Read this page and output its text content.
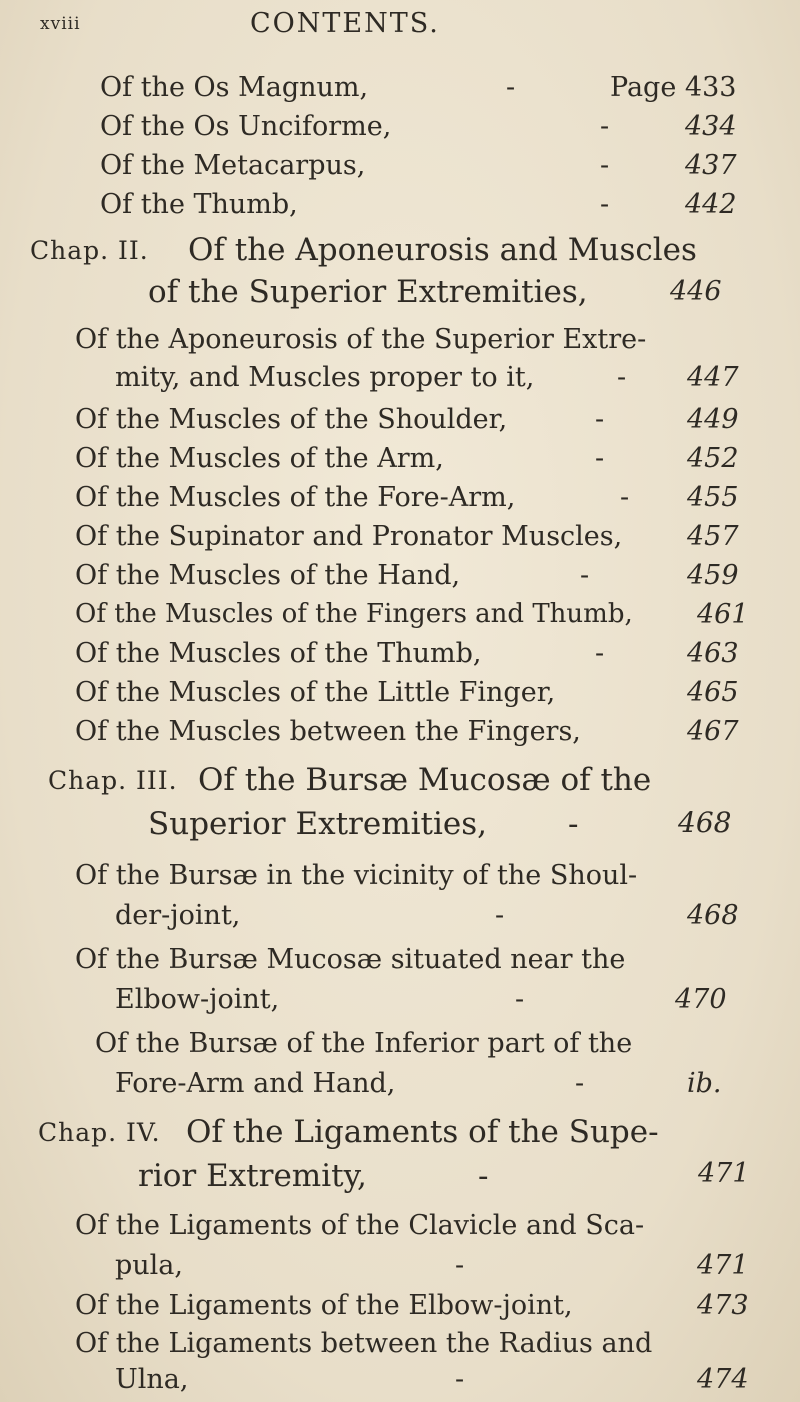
xviii	CONTENTS.
Of the Os Magnum,	-	Page 433
Of the Os Unciforme,	-	434
Of the Metacarpus,	-	437
Of the Thumb,	-	442
Chap. II. Of the Aponeurosis and Muscles
of the Superior Extremities,	446
Of the Aponeurosis of the Superior Extre-
mity, and Muscles proper to it,	- 447
Of the Muscles of the Shoulder,	-	449
Of the Muscles of the Arm,	-	452
Of the Muscles of the Fore-Arm,	- 455
Of the Supinator and Pronator Muscles, 457
Of the Muscles of the Hand,	-	459
Of the Muscles of the Fingers and Thumb, 461
Of the Muscles of the Thumb,	-	463
Of the Muscles of the Little Finger,	465
Of the Muscles between the Fingers,	467
Chap. III. Of the Bursæ Mucosæ of the
Superior Extremities,	-	468
Of the Bursæ in the vicinity of the Shoul-
der-joint,	-	468
Of the Bursæ Mucosæ situated near the
Elbow-joint,	-	470
Of the Bursæ of the Inferior part of the
Fore-Arm and Hand,	-	ib.
Chap. IV. Of the Ligaments of the Supe-
rior Extremity,	-	471
Of the Ligaments of the Clavicle and Sca-
pula,	-	471
Of the Ligaments of the Elbow-joint,	473
Of the Ligaments between the Radius and
Ulna,	-	474
